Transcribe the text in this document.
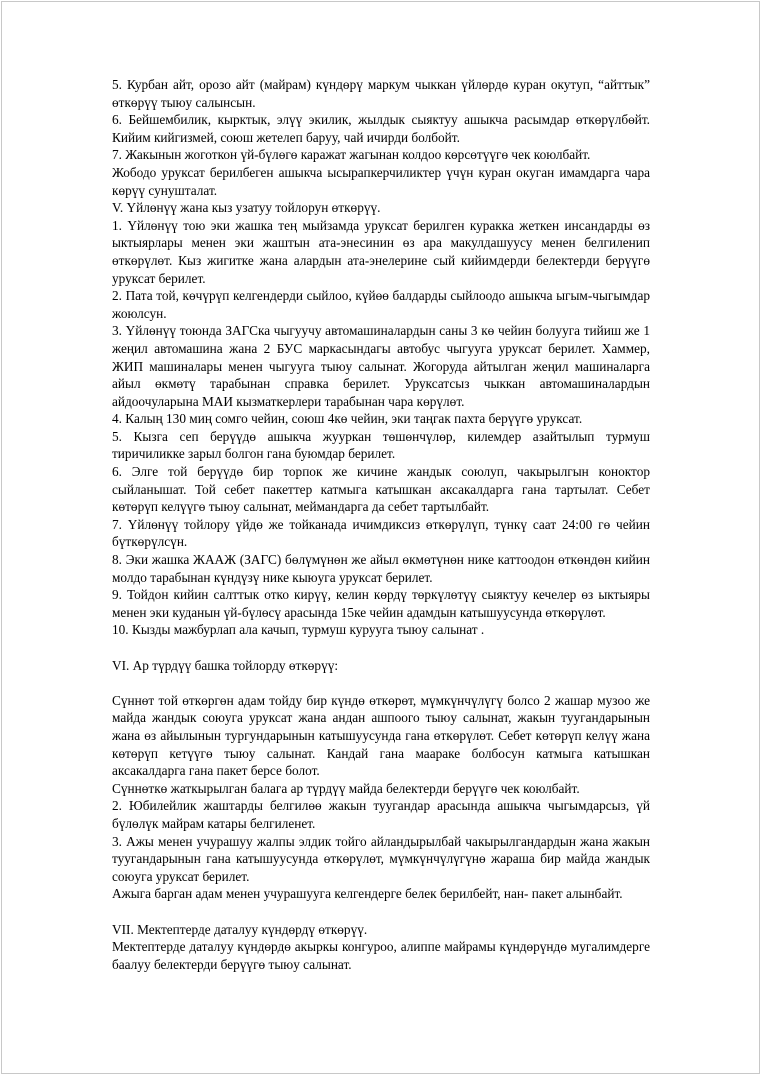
5. Курбан айт, орозо айт (майрам) күндөрү маркум чыккан үйлөрдө куран окутуп, “айттык” өткөрүү тыюу салынсын.

6. Бейшембилик, кырктык, элүү экилик, жылдык сыяктуу ашыкча расымдар өткөрүлбөйт. Кийим кийгизмей, союш жетелеп баруу, чай ичирди болбойт.

7. Жакынын жоготкон үй-бүлөгө каражат жагынан колдоо көрсөтүүгө чек коюлбайт.

Жободо уруксат берилбеген ашыкча ысырапкерчиликтер үчүн куран окуган имамдарга чара көрүү сунушталат.

V. Үйлөнүү жана кыз узатуу тойлорун өткөрүү.

1. Үйлөнүү тою эки жашка тең мыйзамда уруксат берилген куракка жеткен инсандарды өз ыктыярлары менен эки жаштын ата-энесинин өз ара макулдашуусу менен белгиленип өткөрүлөт. Кыз жигитке жана алардын ата-энелерине сый кийимдерди белектерди берүүгө уруксат берилет.

2. Пата той, көчүрүп келгендерди сыйлоо, күйөө балдарды сыйлоодо ашыкча ыгым-чыгымдар жоюлсун.

3. Үйлөнүү тоюнда ЗАГСка чыгуучу автомашиналардын саны 3 кө чейин болууга тийиш же 1 жеңил автомашина жана 2 БУС маркасындагы автобус чыгууга уруксат берилет. Хаммер, ЖИП машиналары менен чыгууга тыюу салынат. Жогоруда айтылган жеңил машиналарга айыл өкмөтү тарабынан справка берилет. Уруксатсыз чыккан автомашиналардын айдоочуларына МАИ кызматкерлери тарабынан чара көрүлөт.

4. Калың 130 миң сомго чейин, союш 4кө чейин, эки таңгак пахта берүүгө уруксат.

5. Кызга сеп берүүдө ашыкча жууркан төшөнчүлөр, килемдер азайтылып турмуш тиричиликке зарыл болгон гана буюмдар берилет.

6. Элге той берүүдө бир торпок же кичине жандык союлуп, чакырылгын коноктор сыйланышат. Той себет пакеттер катмыга катышкан аксакалдарга гана тартылат. Себет көтөрүп келүүгө тыюу салынат, меймандарга да себет тартылбайт.

7. Үйлөнүү тойлору үйдө же тойканада ичимдиксиз өткөрүлүп, түнкү саат 24:00 гө чейин бүткөрүлсүн.

8. Эки жашка ЖААЖ (ЗАГС) бөлүмүнөн же айыл өкмөтүнөн нике каттоодон өткөндөн кийин молдо тарабынан күндүзү нике кыюуга уруксат берилет.

9. Тойдон кийин салттык отко кирүү, келин көрдү төркүлөтүү сыяктуу кечелер өз ыктыяры менен эки куданын үй-бүлөсү арасында 15ке чейин адамдын катышуусунда өткөрүлөт.

10. Кызды мажбурлап ала качып, турмуш курууга тыюу салынат .

VI. Ар түрдүү башка тойлорду өткөрүү:

Сүннөт той өткөргөн адам тойду бир күндө өткөрөт, мүмкүнчүлүгү болсо 2 жашар музоо же майда жандык союуга уруксат жана андан ашпоого тыюу салынат, жакын туугандарынын жана өз айылынын тургундарынын катышуусунда гана өткөрүлөт. Себет көтөрүп келүү жана көтөрүп кетүүгө тыюу салынат. Кандай гана маараке болбосун катмыга катышкан аксакалдарга гана пакет берсе болот.

Сүннөткө жаткырылган балага ар түрдүү майда белектерди берүүгө чек коюлбайт.

2. Юбилейлик жаштарды белгилөө жакын туугандар арасында ашыкча чыгымдарсыз, үй бүлөлүк майрам катары белгиленет.

3. Ажы менен учурашуу жалпы элдик тойго айландырылбай чакырылгандардын жана жакын туугандарынын гана катышуусунда өткөрүлөт, мүмкүнчүлүгүнө жараша бир майда жандык союуга уруксат берилет.

Ажыга барган адам менен учурашууга келгендерге белек берилбейт, нан- пакет алынбайт.

VII. Мектептерде даталуу күндөрдү өткөрүү.

Мектептерде даталуу күндөрдө акыркы конгуроо, алиппе майрамы күндөрүндө мугалимдерге баалуу белектерди берүүгө тыюу салынат.
